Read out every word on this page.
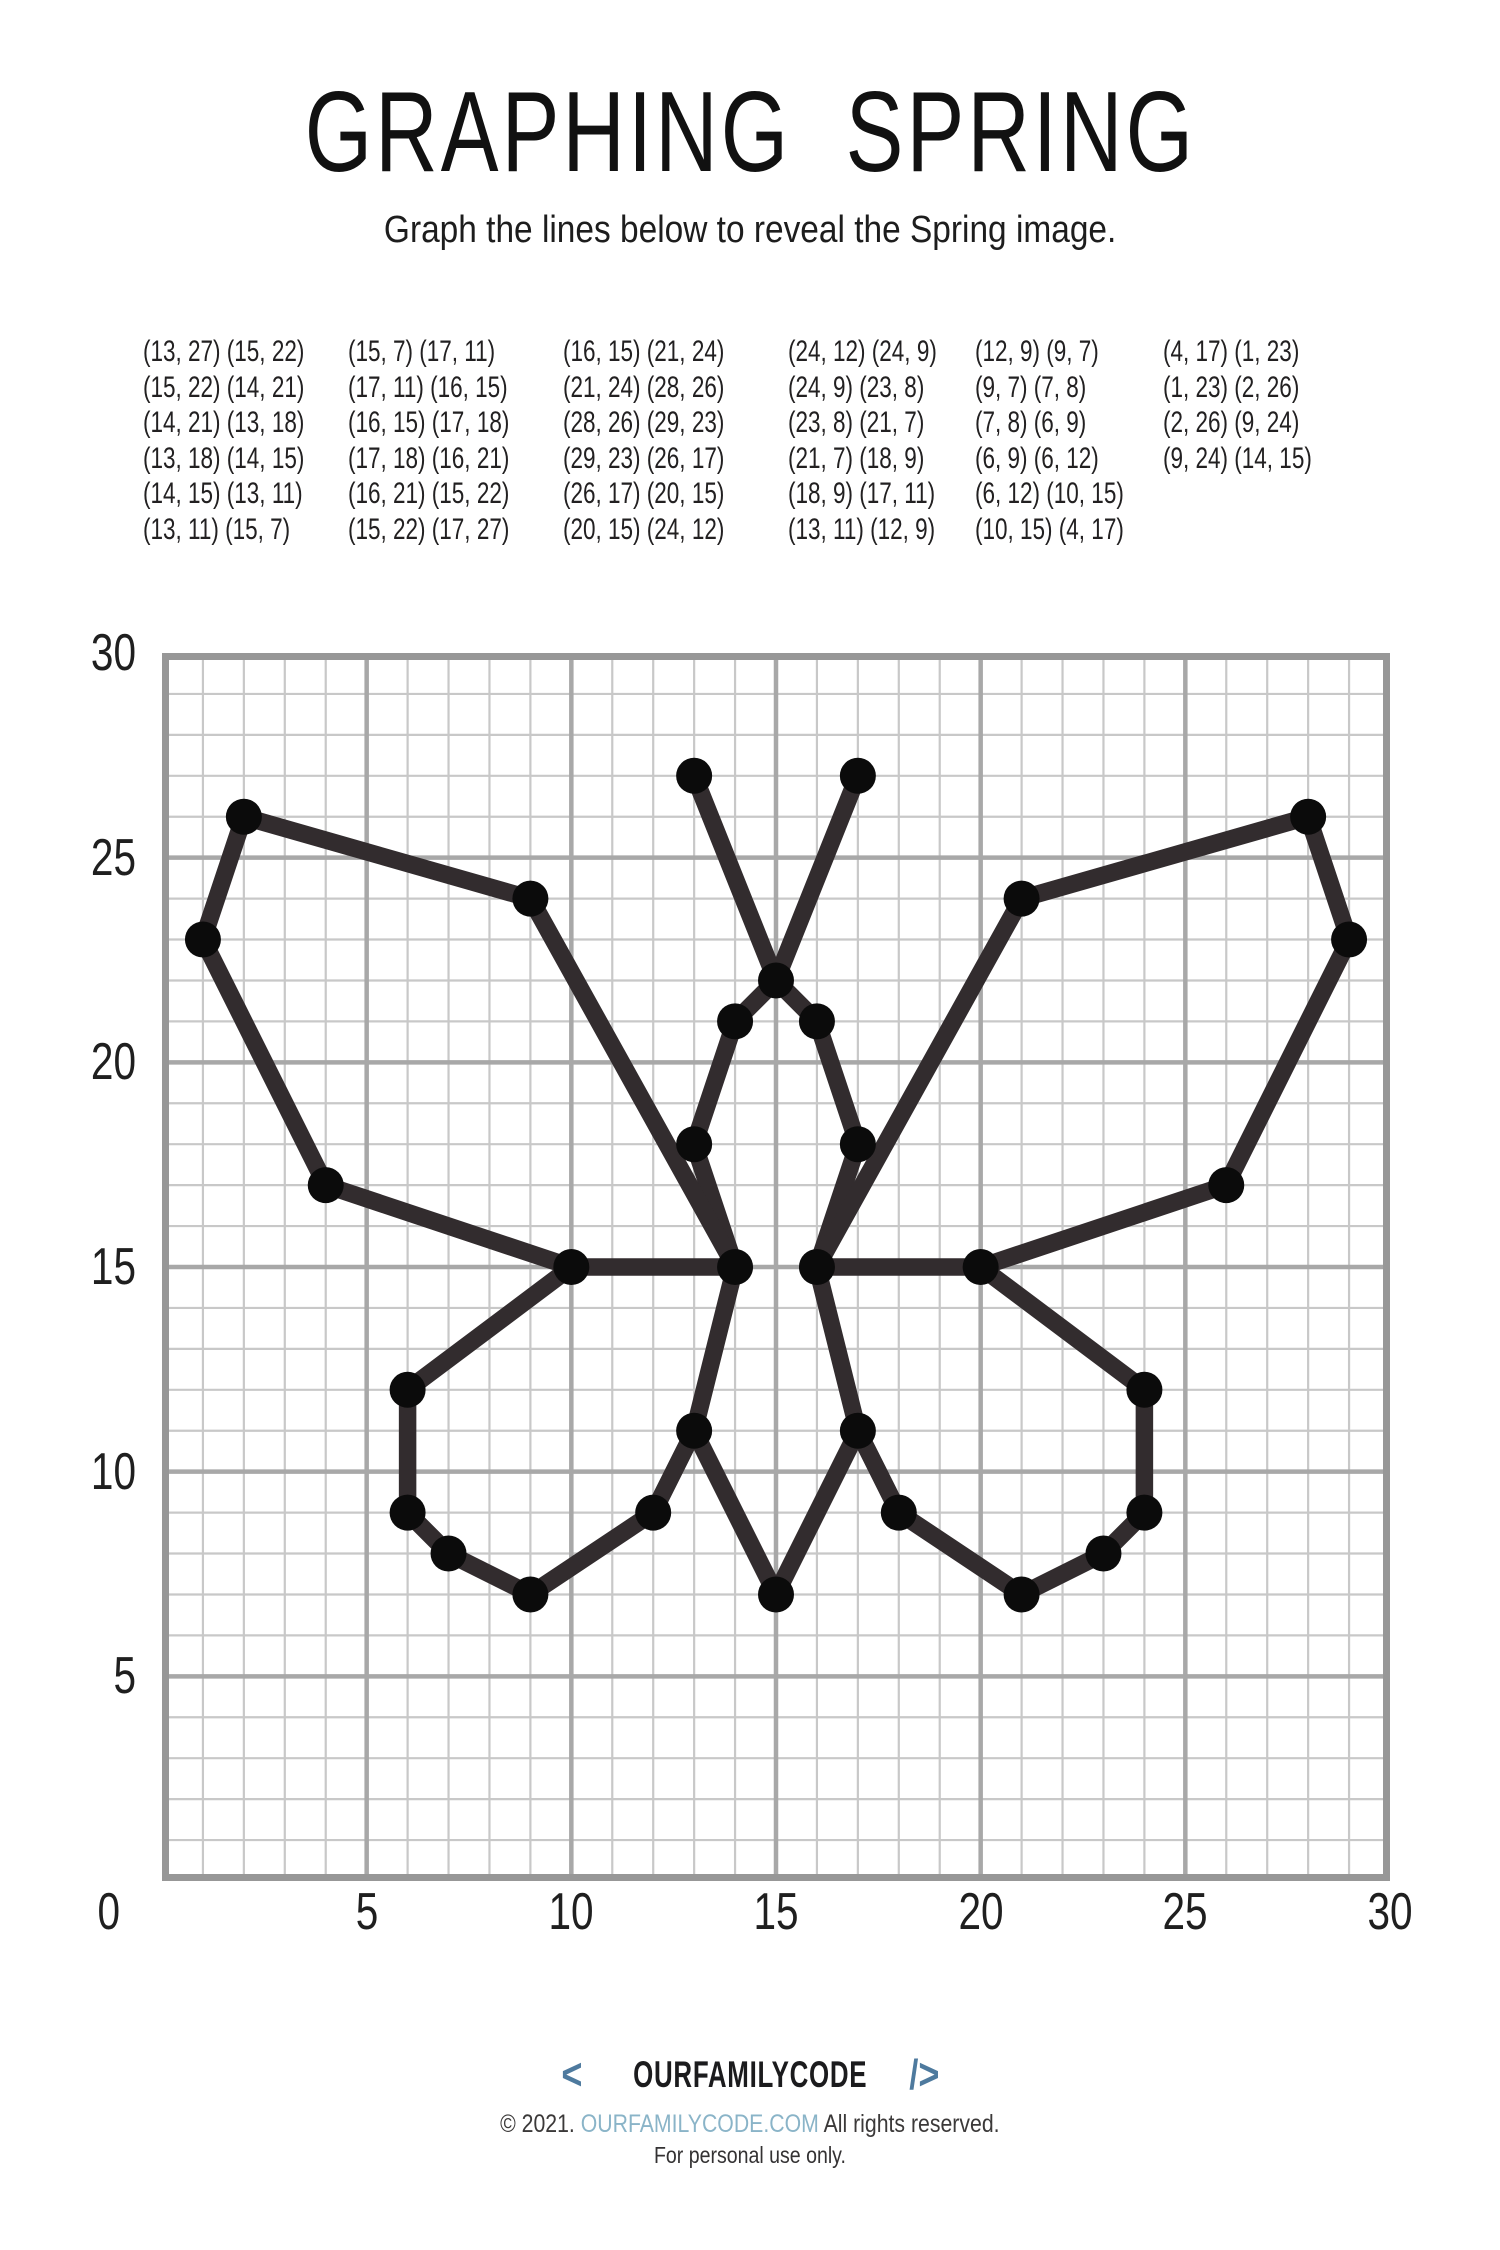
GRAPHING SPRING

Graph the lines below to reveal the Spring image.

(13, 27) (15, 22)
(15, 22) (14, 21)
(14, 21) (13, 18)
(13, 18) (14, 15)
(14, 15) (13, 11)
(13, 11) (15, 7)
(15, 7) (17, 11)
(17, 11) (16, 15)
(16, 15) (17, 18)
(17, 18) (16, 21)
(16, 21) (15, 22)
(15, 22) (17, 27)
(16, 15) (21, 24)
(21, 24) (28, 26)
(28, 26) (29, 23)
(29, 23) (26, 17)
(26, 17) (20, 15)
(20, 15) (24, 12)
(24, 12) (24, 9)
(24, 9) (23, 8)
(23, 8) (21, 7)
(21, 7) (18, 9)
(18, 9) (17, 11)
(13, 11) (12, 9)
(12, 9) (9, 7)
(9, 7) (7, 8)
(7, 8) (6, 9)
(6, 9) (6, 12)
(6, 12) (10, 15)
(10, 15) (4, 17)
(4, 17) (1, 23)
(1, 23) (2, 26)
(2, 26) (9, 24)
(9, 24) (14, 15)
30
25
20
15
10
5
5	10	15	20	25	30
0
< OURFAMILYCODE / >
© 2021. OURFAMILYCODE.COM All rights reserved.
For personal use only.
